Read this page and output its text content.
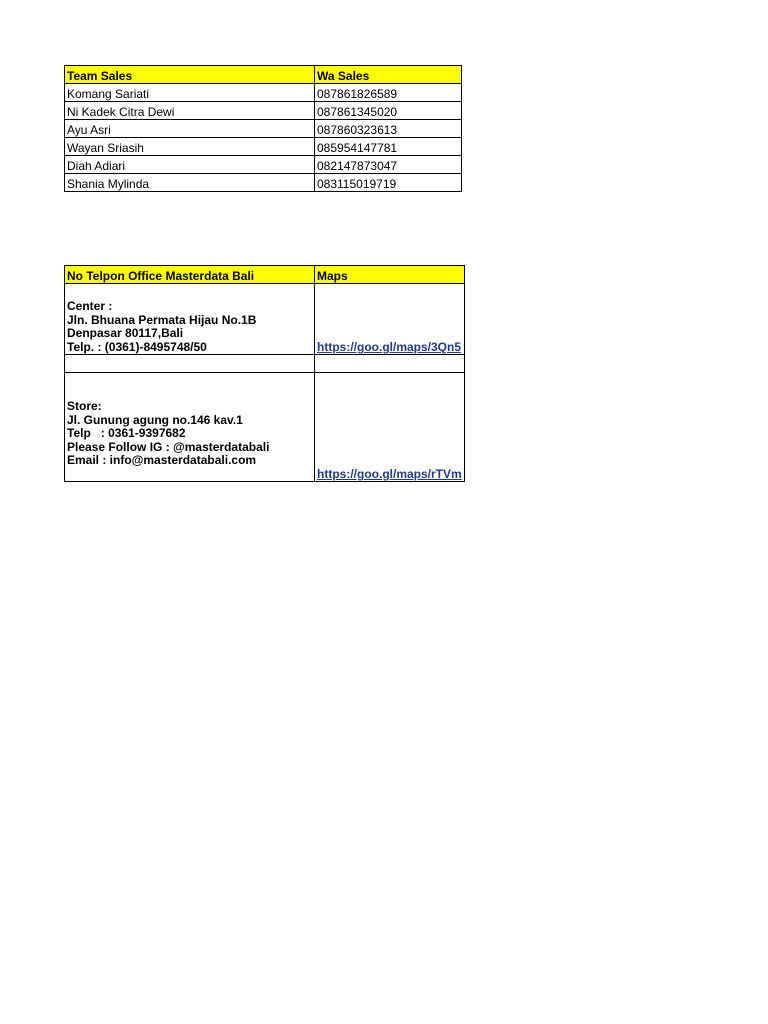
Team Sales	Wa Sales
Komang Sariati	087861826589
Ni Kadek Citra Dewi	087861345020
Ayu Asri	087860323613
Wayan Sriasih	085954147781
Diah Adiari	082147873047
Shania Mylinda	083115019719
No Telpon Office Masterdata Bali	Maps
Center :
Jln. Bhuana Permata Hijau No.1B
Denpasar 80117,Bali
Telp. : (0361)-8495748/50	https://goo.gl/maps/3Qn5

Store:
Jl. Gunung agung no.146 kav.1
Telp   : 0361-9397682
Please Follow IG : @masterdatabali
Email : info@masterdatabali.com	https://goo.gl/maps/rTVm
